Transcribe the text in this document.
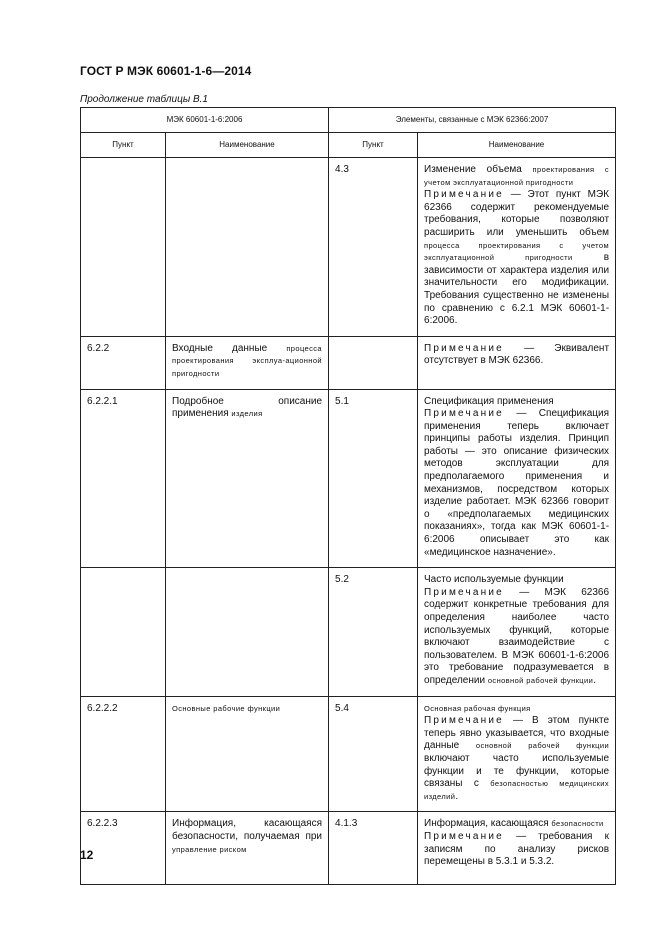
ГОСТ Р МЭК 60601-1-6—2014
Продолжение таблицы В.1
МЭК 60601-1-6:2006		Элементы, связанные с МЭК 62366:2007	
Пункт	Наименование	Пункт	Наименование
		4.3	Изменение объема проектирования с учетом эксплуатационной пригодности
Примечание — Этот пункт МЭК 62366 содержит рекомендуемые требования, которые позволяют расширить или уменьшить объем процесса проектирования с учетом эксплуатационной пригодности в зависимости от характера изделия или значительности его модификации. Требования существенно не изменены по сравнению с 6.2.1 МЭК 60601-1-6:2006.
6.2.2	Входные данные процесса проектирования эксплуа-ационной пригодности		Примечание — Эквивалент отсутствует в МЭК 62366.
6.2.2.1	Подробное описание применения изделия	5.1	Спецификация применения
Примечание — Спецификация применения теперь включает принципы работы изделия. Принцип работы — это описание физических методов эксплуатации для предполагаемого применения и механизмов, посредством которых изделие работает. МЭК 62366 говорит о «предполагаемых медицинских показаниях», тогда как МЭК 60601-1-6:2006 описывает это как «медицинское назначение».
		5.2	Часто используемые функции
Примечание — МЭК 62366 содержит конкретные требования для определения наиболее часто используемых функций, которые включают взаимодействие с пользователем. В МЭК 60601-1-6:2006 это требование подразумевается в определении основной рабочей функции.
6.2.2.2	Основные рабочие функции	5.4	Основная рабочая функция
Примечание — В этом пункте теперь явно указывается, что входные данные основной рабочей функции включают часто используемые функции и те функции, которые связаны с безопасностью медицинских изделий.
6.2.2.3	Информация, касающаяся безопасности, получаемая при управление риском	4.1.3	Информация, касающаяся безопасности
Примечание — требования к записям по анализу рисков перемещены в 5.3.1 и 5.3.2.
12
